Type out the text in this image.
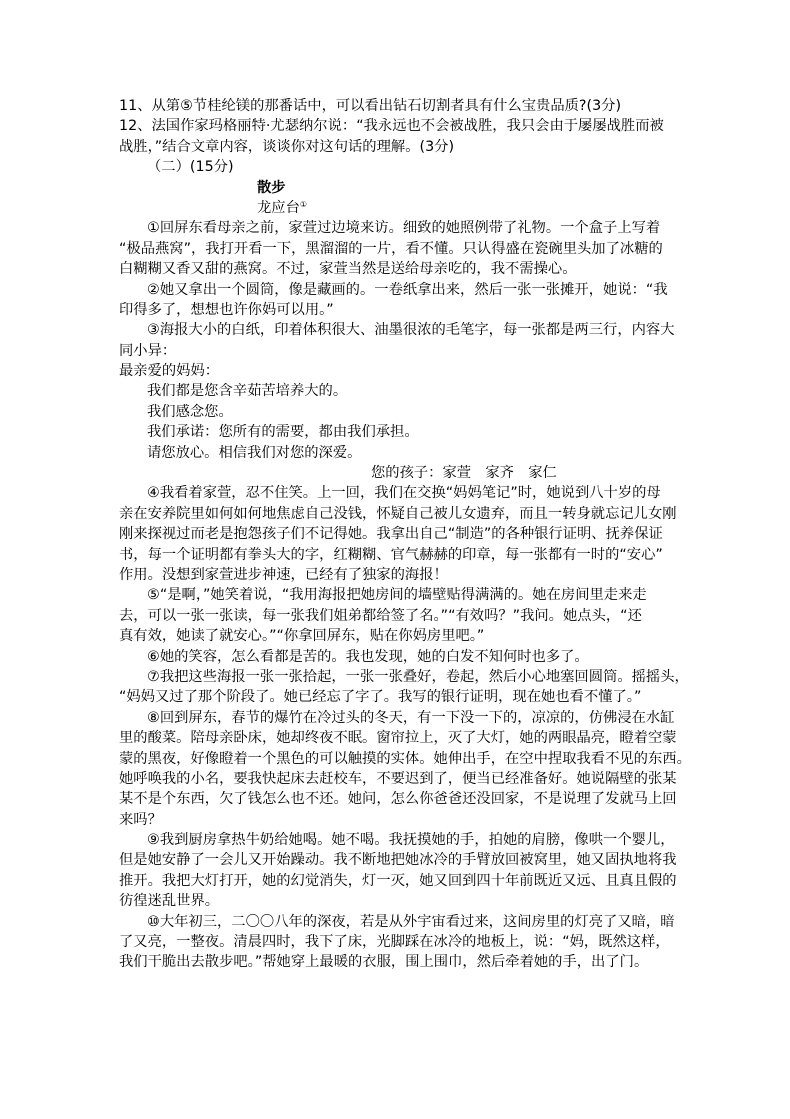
11、从第⑤节桂纶镁的那番话中，可以看出钻石切割者具有什么宝贵品质?(3分)
12、法国作家玛格丽特·尤瑟纳尔说：“我永远也不会被战胜，我只会由于屡屡战胜而被
战胜，”结合文章内容，谈谈你对这句话的理解。(3分)
（二）(15分)
散步
龙应台①
①回屏东看母亲之前，家萱过边境来访。细致的她照例带了礼物。一个盒子上写着
“极品燕窝”，我打开看一下，黑溜溜的一片，看不懂。只认得盛在瓷碗里头加了冰糖的
白糊糊又香又甜的燕窝。不过，家萱当然是送给母亲吃的，我不需操心。
②她又拿出一个圆筒，像是藏画的。一卷纸拿出来，然后一张一张摊开，她说：“我
印得多了，想想也许你妈可以用。”
③海报大小的白纸，印着体积很大、油墨很浓的毛笔字，每一张都是两三行，内容大
同小异：
最亲爱的妈妈：
我们都是您含辛茹苦培养大的。
我们感念您。
我们承诺：您所有的需要，都由我们承担。
请您放心。相信我们对您的深爱。
您的孩子：家萱　家齐　家仁
④我看着家萱，忍不住笑。上一回，我们在交换“妈妈笔记”时，她说到八十岁的母
亲在安养院里如何如何地焦虑自己没钱，怀疑自己被儿女遗弃，而且一转身就忘记儿女刚
刚来探视过而老是抱怨孩子们不记得她。我拿出自己“制造”的各种银行证明、抚养保证
书，每一个证明都有拳头大的字，红糊糊、官气赫赫的印章，每一张都有一时的“安心”
作用。没想到家萱进步神速，已经有了独家的海报！
⑤“是啊，”她笑着说，“我用海报把她房间的墙壁贴得满满的。她在房间里走来走
去，可以一张一张读，每一张我们姐弟都给签了名。”“有效吗？”我问。她点头，“还
真有效，她读了就安心。”“你拿回屏东，贴在你妈房里吧。”
⑥她的笑容，怎么看都是苦的。我也发现，她的白发不知何时也多了。
⑦我把这些海报一张一张拾起，一张一张叠好，卷起，然后小心地塞回圆筒。摇摇头，
“妈妈又过了那个阶段了。她已经忘了字了。我写的银行证明，现在她也看不懂了。”
⑧回到屏东，春节的爆竹在冷过头的冬天，有一下没一下的，凉凉的，仿佛浸在水缸
里的酸菜。陪母亲卧床，她却终夜不眠。窗帘拉上，灭了大灯，她的两眼晶亮，瞪着空蒙
蒙的黑夜，好像瞪着一个黑色的可以触摸的实体。她伸出手，在空中捏取我看不见的东西。
她呼唤我的小名，要我快起床去赶校车，不要迟到了，便当已经准备好。她说隔壁的张某
某不是个东西，欠了钱怎么也不还。她问，怎么你爸爸还没回家，不是说理了发就马上回
来吗？
⑨我到厨房拿热牛奶给她喝。她不喝。我抚摸她的手，拍她的肩膀，像哄一个婴儿，
但是她安静了一会儿又开始躁动。我不断地把她冰冷的手臂放回被窝里，她又固执地将我
推开。我把大灯打开，她的幻觉消失，灯一灭，她又回到四十年前既近又远、且真且假的
彷徨迷乱世界。
⑩大年初三，二〇〇八年的深夜，若是从外宇宙看过来，这间房里的灯亮了又暗，暗
了又亮，一整夜。清晨四时，我下了床，光脚踩在冰冷的地板上，说：“妈，既然这样，
我们干脆出去散步吧。”帮她穿上最暖的衣服，围上围巾，然后牵着她的手，出了门。
